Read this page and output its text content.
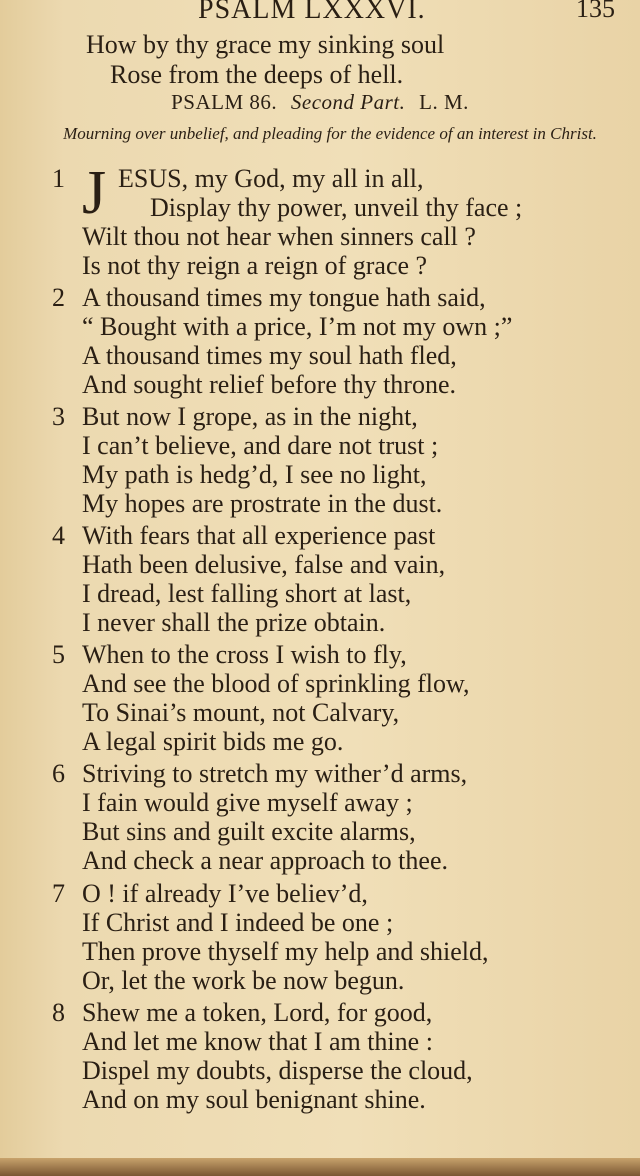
PSALM LXXXVI.	135
How by thy grace my sinking soul
Rose from the deeps of hell.
PSALM 86. Second Part. L. M.
Mourning over unbelief, and pleading for the evidence of an interest in Christ.
1 J ESUS, my God, my all in all,
Display thy power, unveil thy face ;
Wilt thou not hear when sinners call ?
Is not thy reign a reign of grace ?
2 A thousand times my tongue hath said,
“ Bought with a price, I’m not my own ;”
A thousand times my soul hath fled,
And sought relief before thy throne.
3 But now I grope, as in the night,
I can’t believe, and dare not trust ;
My path is hedg’d, I see no light,
My hopes are prostrate in the dust.
4 With fears that all experience past
Hath been delusive, false and vain,
I dread, lest falling short at last,
I never shall the prize obtain.
5 When to the cross I wish to fly,
And see the blood of sprinkling flow,
To Sinai’s mount, not Calvary,
A legal spirit bids me go.
6 Striving to stretch my wither’d arms,
I fain would give myself away ;
But sins and guilt excite alarms,
And check a near approach to thee.
7 O ! if already I’ve believ’d,
If Christ and I indeed be one ;
Then prove thyself my help and shield,
Or, let the work be now begun.
8 Shew me a token, Lord, for good,
And let me know that I am thine :
Dispel my doubts, disperse the cloud,
And on my soul benignant shine.
